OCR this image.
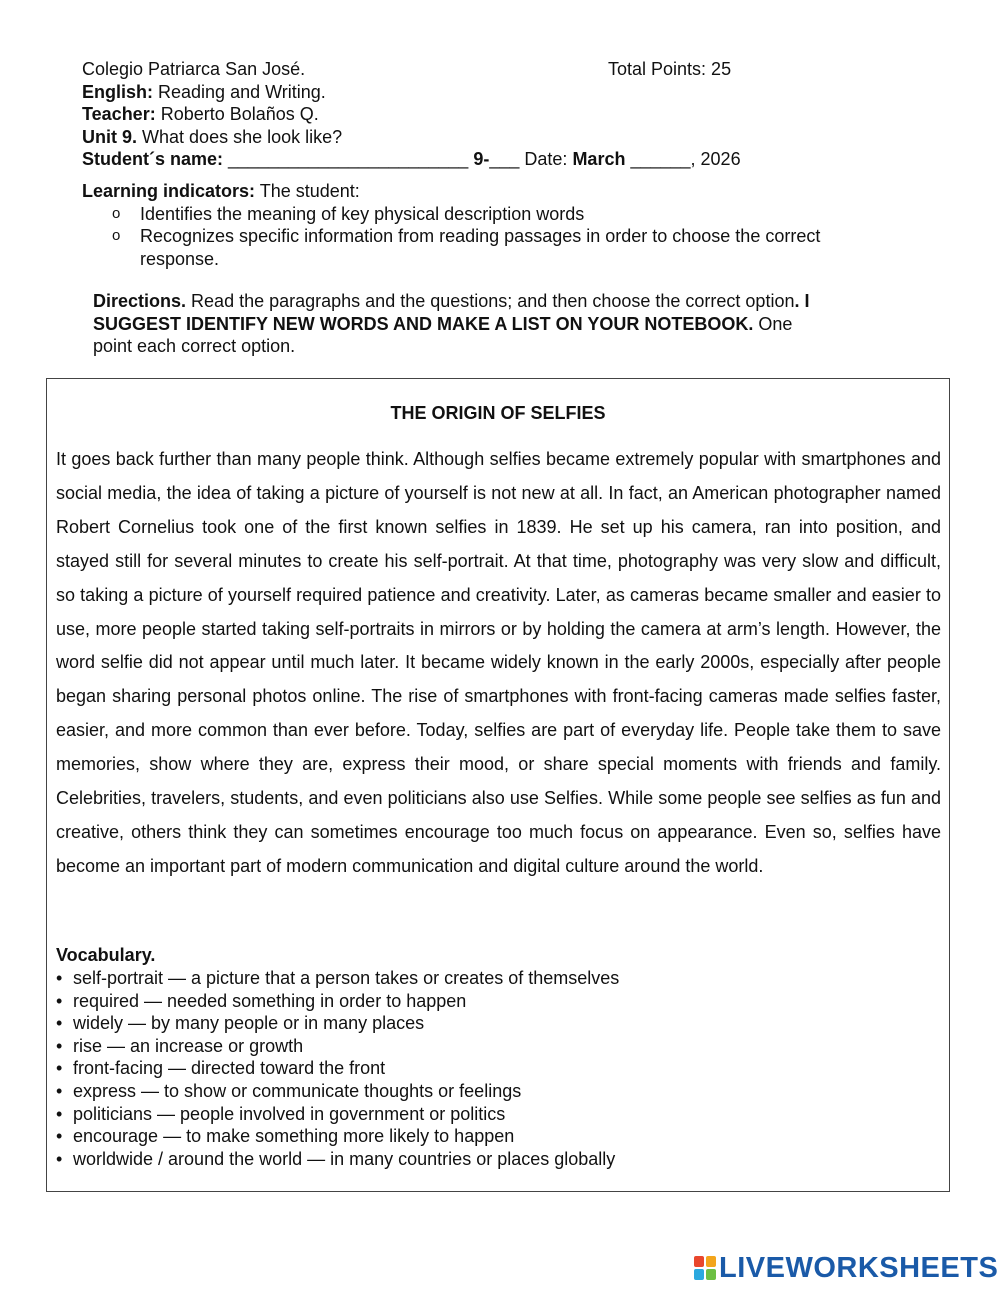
Colegio Patriarca San José.	Total Points: 25
English: Reading and Writing.
Teacher: Roberto Bolaños Q.
Unit 9. What does she look like?
Student´s name: ________________________ 9-___ Date: March ______, 2026
Learning indicators: The student:
o Identifies the meaning of key physical description words
o Recognizes specific information from reading passages in order to choose the correct response.
Directions. Read the paragraphs and the questions; and then choose the correct option. I SUGGEST IDENTIFY NEW WORDS AND MAKE A LIST ON YOUR NOTEBOOK. One point each correct option.
THE ORIGIN OF SELFIES
It goes back further than many people think. Although selfies became extremely popular with smartphones and social media, the idea of taking a picture of yourself is not new at all. In fact, an American photographer named Robert Cornelius took one of the first known selfies in 1839. He set up his camera, ran into position, and stayed still for several minutes to create his self-portrait. At that time, photography was very slow and difficult, so taking a picture of yourself required patience and creativity. Later, as cameras became smaller and easier to use, more people started taking self-portraits in mirrors or by holding the camera at arm’s length. However, the word selfie did not appear until much later. It became widely known in the early 2000s, especially after people began sharing personal photos online. The rise of smartphones with front-facing cameras made selfies faster, easier, and more common than ever before. Today, selfies are part of everyday life. People take them to save memories, show where they are, express their mood, or share special moments with friends and family. Celebrities, travelers, students, and even politicians also use Selfies. While some people see selfies as fun and creative, others think they can sometimes encourage too much focus on appearance. Even so, selfies have become an important part of modern communication and digital culture around the world.
Vocabulary.
• self-portrait — a picture that a person takes or creates of themselves
• required — needed something in order to happen
• widely — by many people or in many places
• rise — an increase or growth
• front-facing — directed toward the front
• express — to show or communicate thoughts or feelings
• politicians — people involved in government or politics
• encourage — to make something more likely to happen
• worldwide / around the world — in many countries or places globally
LIVEWORKSHEETS
